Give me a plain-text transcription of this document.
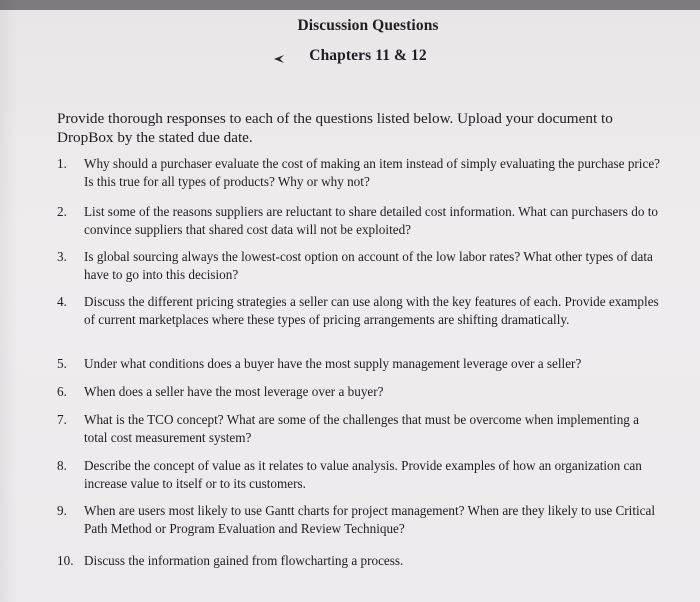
Discussion Questions
Chapters 11 & 12
Provide thorough responses to each of the questions listed below. Upload your document to DropBox by the stated due date.
1.	Why should a purchaser evaluate the cost of making an item instead of simply evaluating the purchase price? Is this true for all types of products? Why or why not?
2.	List some of the reasons suppliers are reluctant to share detailed cost information. What can purchasers do to convince suppliers that shared cost data will not be exploited?
3.	Is global sourcing always the lowest-cost option on account of the low labor rates? What other types of data have to go into this decision?
4.	Discuss the different pricing strategies a seller can use along with the key features of each. Provide examples of current marketplaces where these types of pricing arrangements are shifting dramatically.
5.	Under what conditions does a buyer have the most supply management leverage over a seller?
6.	When does a seller have the most leverage over a buyer?
7.	What is the TCO concept? What are some of the challenges that must be overcome when implementing a total cost measurement system?
8.	Describe the concept of value as it relates to value analysis. Provide examples of how an organization can increase value to itself or to its customers.
9.	When are users most likely to use Gantt charts for project management? When are they likely to use Critical Path Method or Program Evaluation and Review Technique?
10. Discuss the information gained from flowcharting a process.
